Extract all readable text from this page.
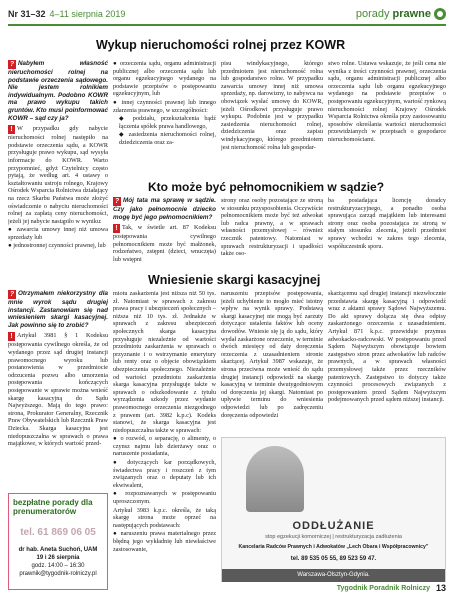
Nr 31–32 4–11 sierpnia 2019	porady prawne
Wykup nieruchomości rolnej przez KOWR

? Nabyłem własność nieruchomości rolnej na podstawie orzeczenia sądowego. Nie jestem rolnikiem indywidualnym. Podobno KOWR ma prawo wykupu takich gruntów. Kto musi poinformować KOWR – sąd czy ja?

! W przypadku gdy nabycie nieruchomości rolnej następiło na podstawie orzeczenia sądu, a KOWR przysługuje prawo wykupu, sąd wysyła informacje do KOWR. Warto przypomnieć, gdyż Czytelnicy często pytają, że według art. 4 ustawy o kształtowaniu ustroju rolnego, Krajowy Ośrodek Wsparcia Rolnictwa działający na rzecz Skarbu Państwa może złożyć oświadczenie o nabyciu nieruchomości rolnej za zapłatą ceny nieruchomości, jeżeli jej nabycie nastąpiło w wyniku:

● zawarcia umowy innej niż umowa sprzedaży lub

● jednostronnej czynności prawnej, lub

● orzeczenia sądu, organu administracji publicznej albo orzeczenia sądu lub organu egzekucyjnego wydanego na podstawie przepisów o postępowaniu egzekucyjnym, lub

● innej czynności prawnej lub innego zdarzenia prawnego, w szczególności:

◆ podziału, przekształcenia bądź łączenia spółek prawa handlowego,

◆ zasiedzenia nieruchomości rolnej, dziedziczenia oraz za-

pisu windykacyjnego, którego przedmiotem jest nieruchomość rolna lub gospodarstwo rolne. W przypadku zawarcia umowy innej niż umowa sprzedaży, np. darowizny, to nabywca na obowiązek wysłać umowę do KOWR, jeżeli Ośrodkowi przysługuje prawo wykupu. Podobnie jest w przypadku zasiedzenia nieruchomości rolnej, dziedziczenia oraz zapisu windykacyjnego, którego przedmiotem jest nieruchomość rolna lub gospodar-
stwo rolne. Ustawa wskazuje, że jeśli cena nie wynika z treści czynności prawnej, orzeczenia sądu, organu administracji publicznej albo orzeczenia sądu lub organu egzekucyjnego wydanego na podstawie przepisów o postępowaniu egzekucyjnym, wartość rynkową nieruchomości rolnej Krajowy Ośrodek Wsparcia Rolnictwa określa przy zastosowaniu sposobów określania wartości nieruchomości przewidzianych w przepisach o gospodarce nieruchomościami.
Kto może być pełnomocnikiem w sądzie?

? Mój tata ma sprawę w sądzie. Czy jako pełnomocnie dziecko mogę być jego pełnomocnikiem?

! Tak, w świetle art. 87 Kodeksu postępowania cywilnego pełnomocnikiem może być małżonek, rodzeństwo, zstępni (dzieci, wnuczęta) lub wstępni

strony oraz osoby pozostające ze stroną w stosunku przysposobienia. Oczywiście pełnomocnikiem może być też adwokat lub radca prawny, a w sprawach własności przemysłowej – również rzecznik patentowy. Natomiast w sprawach restrukturyzacji i upadłości także oso-
ba posiadająca licencję doradcy restrukturyzacyjnego, a ponadto osoba sprawująca zarząd majątkiem lub interesami strony oraz osoba pozostająca ze stroną w stałym stosunku zlecenia, jeżeli przedmiot sprawy wchodzi w zakres tego zlecenia, współuczestnik sporu.
Wniesienie skargi kasacyjnej

? Otrzymałem niekorzystny dla mnie wyrok sądu drugiej instancji. Zastanowiam się nad wniesieniem skargi kasacyjnej. Jak powinno się to zrobić?

! Artykuł 3981 § 1 Kodeksu postępowania cywilnego określa, że od wydanego przez sąd drugiej instancji prawomocnego wyroku lub postanowienia w przedmiocie odrzucenia pozwu albo umorzenia postępowania kończących postępowanie w sprawie można wnieść skargę kasacyjną do Sądu Najwyższego. Mają do tego prawo: strona, Prokurator Generalny, Rzecznik Praw Obywatelskich lub Rzecznik Praw Dziecka. Skarga kasacyjna jest niedopuszczalna w sprawach o prawa majątkowe, w których wartość przed-

miotu zaskarżenia jest niższa niż 50 tys. zł. Natomiast w sprawach z zakresu prawa pracy i ubezpieczeń społecznych – niższa niż 10 tys. zł. Jednakże w sprawach z zakresu ubezpieczeń społecznych skarga kasacyjna przysługuje niezależnie od wartości przedmiotu zaskarżenia w sprawach o przyznanie i o wstrzymanie emerytury lub renty oraz o objęcie obowiązkiem ubezpieczenia społecznego. Niezależnie od wartości przedmiotu zaskarżenia skarga kasacyjna przysługuje także w sprawach o odszkodowanie z tytułu wyrządzenia szkody przez wydanie prawomocnego orzeczenia niezgodnego z prawem (art. 3982 k.p.c). Kodeks stanowi, że skarga kasacyjna jest niedopuszczalna także w sprawach:

● o rozwód, o separację, o alimenty, o czynsz najmu lub dzierżawy oraz o naruszenie posiadania,

● dotyczących kar porządkowych, świadectwa pracy i roszczeń z tym związanych oraz o deputaty lub ich ekwiwalent,

● rozpoznawanych w postępowaniu uproszczonym.

Artykuł 3983 k.p.c. określa, że taką skargę strona może oprzeć na następujących podstawach:

● naruszeniu prawa materialnego przez błędną jego wykładnię lub niewłaściwe zastosowanie,

naruszeniu przepisów postępowania, jeżeli uchybienie to mogło mieć istotny wpływ na wynik sprawy. Podstawą skargi kasacyjnej nie mogą być zarzuty dotyczące ustalenia faktów lub oceny dowodów. Wniesie się ją do sądu, który wydał zaskarżone orzeczenie, w terminie dwóch miesięcy od daty doręczenia orzeczenia z uzasadnieniem stronie skarżącej. Artykuł 3987 wskazuje, że strona przeciwna może wnieść do sądu drugiej instancji odpowiedź na skargę kasacyjną w terminie dwutygodniowym od doręczenia jej skargi. Natomiast po upływie terminu do wniesienia odpowiedzi lub po zadręczeniu doręczenia odpowiedzi
skarżącemu sąd drugiej instancji niezwłocznie przedstawia skargę kasacyjną i odpowiedź wraz z aktami sprawy Sądowi Najwyższemu. Do akt sprawy dołącza się dwa odpisy zaskarżonego orzeczenia z uzasadnieniem. Artykuł 871 k.p.c. przewiduje przymus adwokacko-radcowski. W postępowaniu przed Sądem Najwyższym obowiązuje bowiem zastępstwo stron przez adwokatów lub radców prawnych, a w sprawach własności przemysłowej także przez rzeczników patentowych. Zastępstwo to dotyczy także czynności procesowych związanych z postępowaniem przed Sądem Najwyższym podejmowanych przed sądem niższej instancji.
bezpłatne porady dla prenumeratorów
tel. 61 869 06 05
dr hab. Aneta Suchoń, UAM
19 i 26 sierpnia
godz. 14:00 – 16:30
prawnik@tygodnik-rolniczy.pl
ODDŁUŻANIE
stop egzekucji komorniczej | restrukturyzacja zadłużenia
Kancelaria Radców Prawnych i Adwokatów „Lech Obara i Współpracownicy”
tel. 89 535 05 55, 89 523 59 47.
Warszawa-Olsztyn-Gdynia.
Tygodnik Poradnik Rolniczy 13
